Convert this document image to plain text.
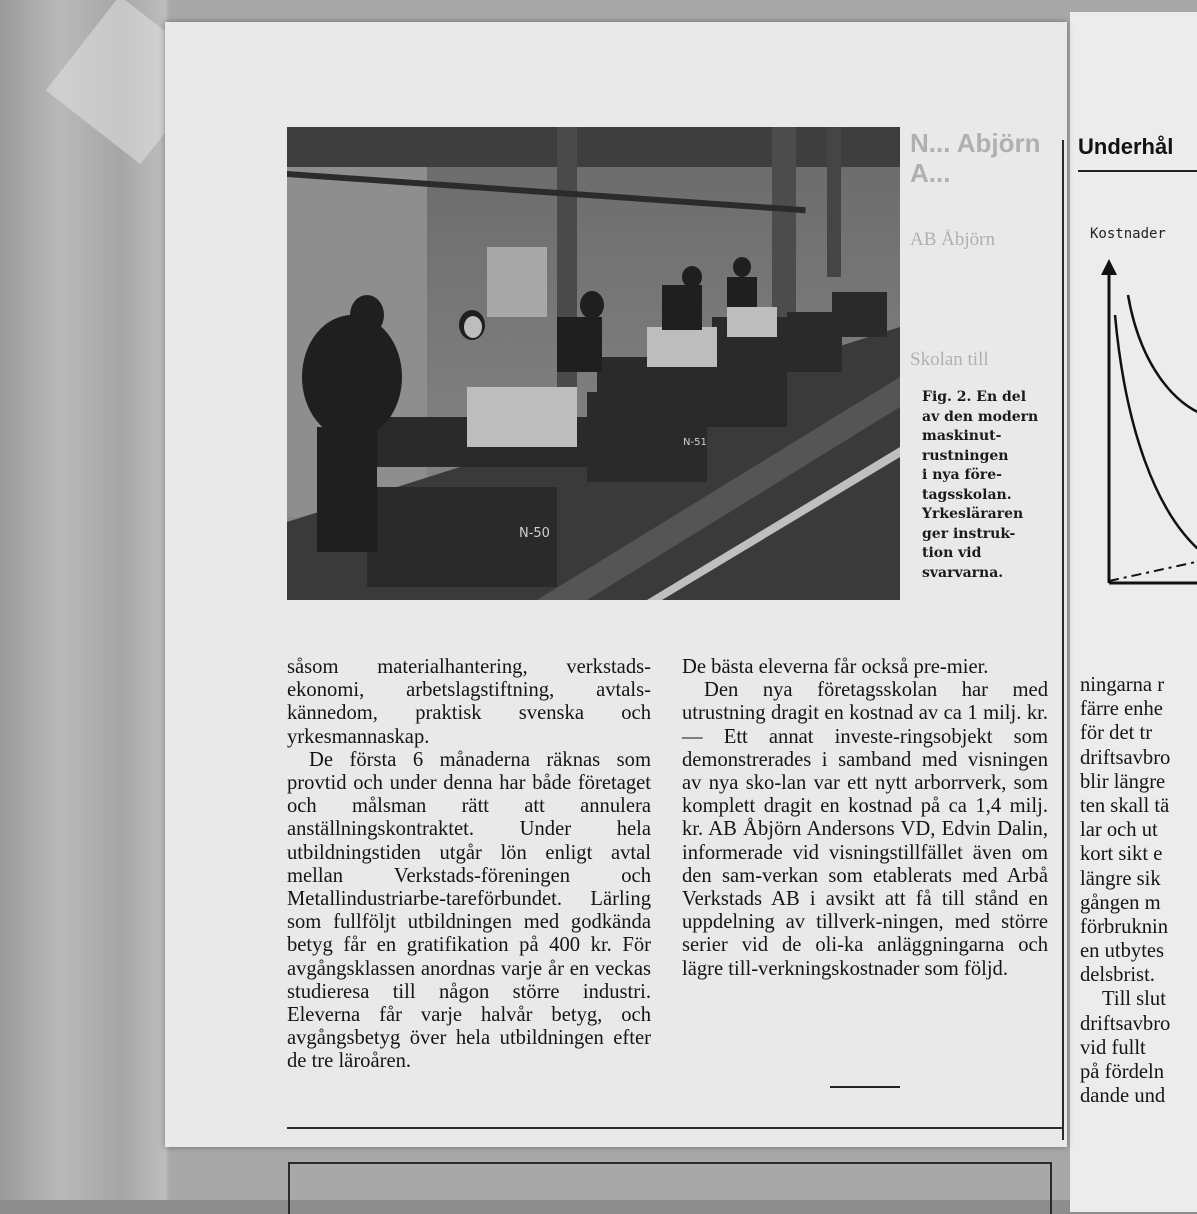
Underhål
Kostnader
ningarna r
färre enhe
för det tr
driftsavbro
blir längre
ten skall tä
lar och ut
kort sikt e
längre sik
gången m
förbruknin
en utbytes
delsbrist.
Till slut
driftsavbro
vid fullt
på fördeln
dande und
N... Abjörn A...
AB Åbjörn
Skolan till
N-50
N-51
Fig. 2. En del
av den modern
maskinut-
rustningen
i nya före-
tagsskolan.
Yrkesläraren
ger instruk-
tion vid
svarvarna.

såsom materialhantering, verkstads-ekonomi, arbetslagstiftning, avtals-kännedom, praktisk svenska och yrkesmannaskap.

De första 6 månaderna räknas som provtid och under denna har både företaget och målsman rätt att annulera anställningskontraktet. Under hela utbildningstiden utgår lön enligt avtal mellan Verkstads-föreningen och Metallindustriarbe-tareförbundet. Lärling som fullföljt utbildningen med godkända betyg får en gratifikation på 400 kr. För avgångsklassen anordnas varje år en veckas studieresa till någon större industri. Eleverna får varje halvår betyg, och avgångsbetyg över hela utbildningen efter de tre läroåren.

De bästa eleverna får också pre-mier.

Den nya företagsskolan har med utrustning dragit en kostnad av ca 1 milj. kr. — Ett annat investe-ringsobjekt som demonstrerades i samband med visningen av nya sko-lan var ett nytt arborrverk, som komplett dragit en kostnad på ca 1,4 milj. kr. AB Åbjörn Andersons VD, Edvin Dalin, informerade vid visningstillfället även om den sam-verkan som etablerats med Arbå Verkstads AB i avsikt att få till stånd en uppdelning av tillverk-ningen, med större serier vid de oli-ka anläggningarna och lägre till-verkningskostnader som följd.
